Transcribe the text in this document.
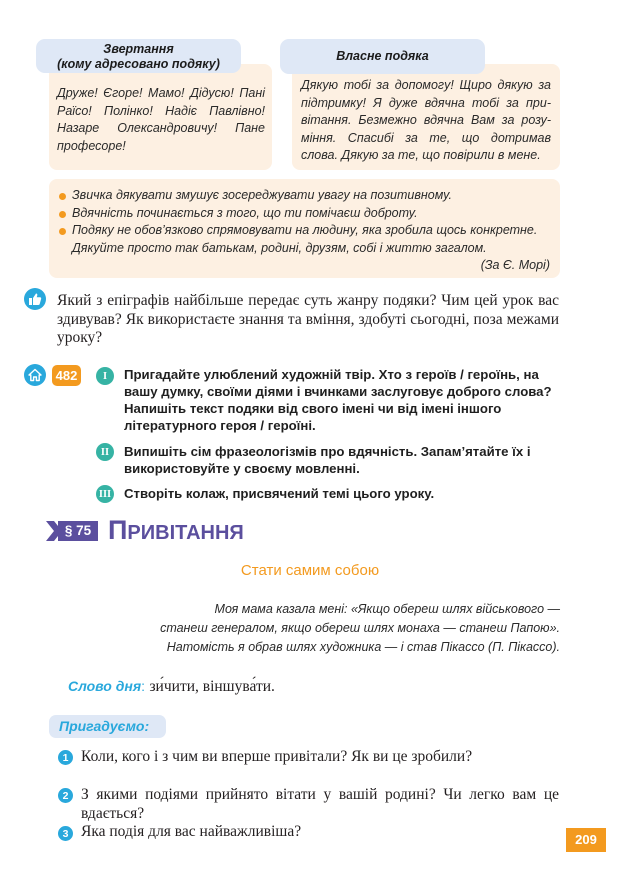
Друже! Єгоре! Мамо! Дідусю! Пані Раїсо! Полінко! Надіє Павлівно! Назаре Олександровичу! Пане професоре!
Звертання
(кому адресовано подяку)
Дякую тобі за допомогу! Щиро дякую за підтримку! Я дуже вдячна тобі за привітання. Безмежно вдячна Вам за розуміння. Спасибі за те, що дотримав слова. Дякую за те, що повірили в мене.
Власне подяка
Звичка дякувати змушує зосереджувати увагу на позитивному.
Вдячність починається з того, що ти помічаєш доброту.
Подяку не обов’язково спрямовувати на людину, яка зробила щось конкретне. Дякуйте просто так батькам, родині, друзям, собі і життю загалом.
(За Є. Морі)
Який з епіграфів найбільше передає суть жанру подяки? Чим цей урок вас здивував? Як використаєте знання та вміння, здобуті сьогодні, поза межами уроку?
482	I	Пригадайте улюблений художній твір. Хто з героїв / героїнь, на вашу думку, своїми діями і вчинками заслуговує доброго слова? Напишіть текст подяки від свого імені чи від імені іншого літературного героя / героїні.
II	Випишіть сім фразеологізмів про вдячність. Запам’ятайте їх і використовуйте у своєму мовленні.
III Створіть колаж, присвячений темі цього уроку.
§ 75 ПРИВІТАННЯ
Стати самим собою
Моя мама казала мені: «Якщо обереш шлях військового —
станеш генералом, якщо обереш шлях монаха — станеш Папою».
Натомість я обрав шлях художника — і став Пікассо (П. Пікассо).
Слово дня: зи́чити, віншува́ти.
Пригадуємо:
1 Коли, кого і з чим ви вперше привітали? Як ви це зробили?
2 З якими подіями прийнято вітати у вашій родині? Чи легко вам це вдається?
3 Яка подія для вас найважливіша?	209
